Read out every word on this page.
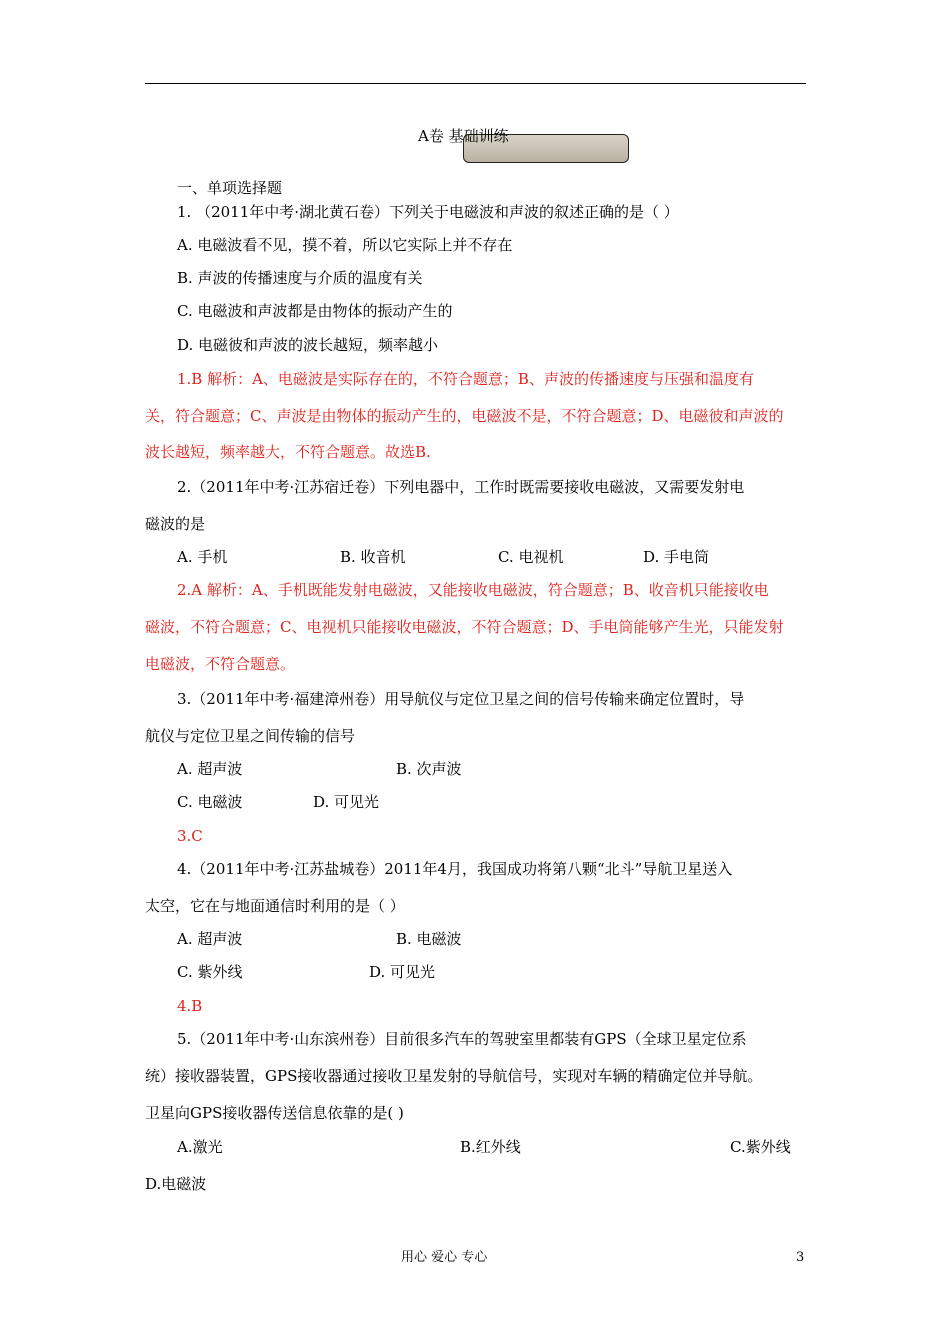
A卷 基础训练
一、单项选择题
1. （2011年中考·湖北黄石卷）下列关于电磁波和声波的叙述正确的是（ ）
A. 电磁波看不见，摸不着，所以它实际上并不存在
B. 声波的传播速度与介质的温度有关
C. 电磁波和声波都是由物体的振动产生的
D. 电磁彼和声波的波长越短，频率越小
1.B 解析：A、电磁波是实际存在的，不符合题意；B、声波的传播速度与压强和温度有
关，符合题意；C、声波是由物体的振动产生的，电磁波不是，不符合题意；D、电磁彼和声波的
波长越短，频率越大，不符合题意。故选B.
2.（2011年中考·江苏宿迁卷）下列电器中，工作时既需要接收电磁波，又需要发射电
磁波的是
A. 手机	B. 收音机	C. 电视机	D. 手电筒
2.A 解析：A、手机既能发射电磁波，又能接收电磁波，符合题意；B、收音机只能接收电
磁波，不符合题意；C、电视机只能接收电磁波，不符合题意；D、手电筒能够产生光，只能发射
电磁波，不符合题意。
3.（2011年中考·福建漳州卷）用导航仪与定位卫星之间的信号传输来确定位置时，导
航仪与定位卫星之间传输的信号
A. 超声波	B. 次声波
C. 电磁波	D. 可见光
3.C
4.（2011年中考·江苏盐城卷）2011年4月，我国成功将第八颗“北斗”导航卫星送入
太空，它在与地面通信时利用的是（ ）
A. 超声波	B. 电磁波
C. 紫外线	D. 可见光
4.B
5.（2011年中考·山东滨州卷）目前很多汽车的驾驶室里都装有GPS（全球卫星定位系
统）接收器装置，GPS接收器通过接收卫星发射的导航信号，实现对车辆的精确定位并导航。
卫星向GPS接收器传送信息依靠的是( )
A.激光	B.红外线	C.紫外线
D.电磁波
用心 爱心 专心	3
